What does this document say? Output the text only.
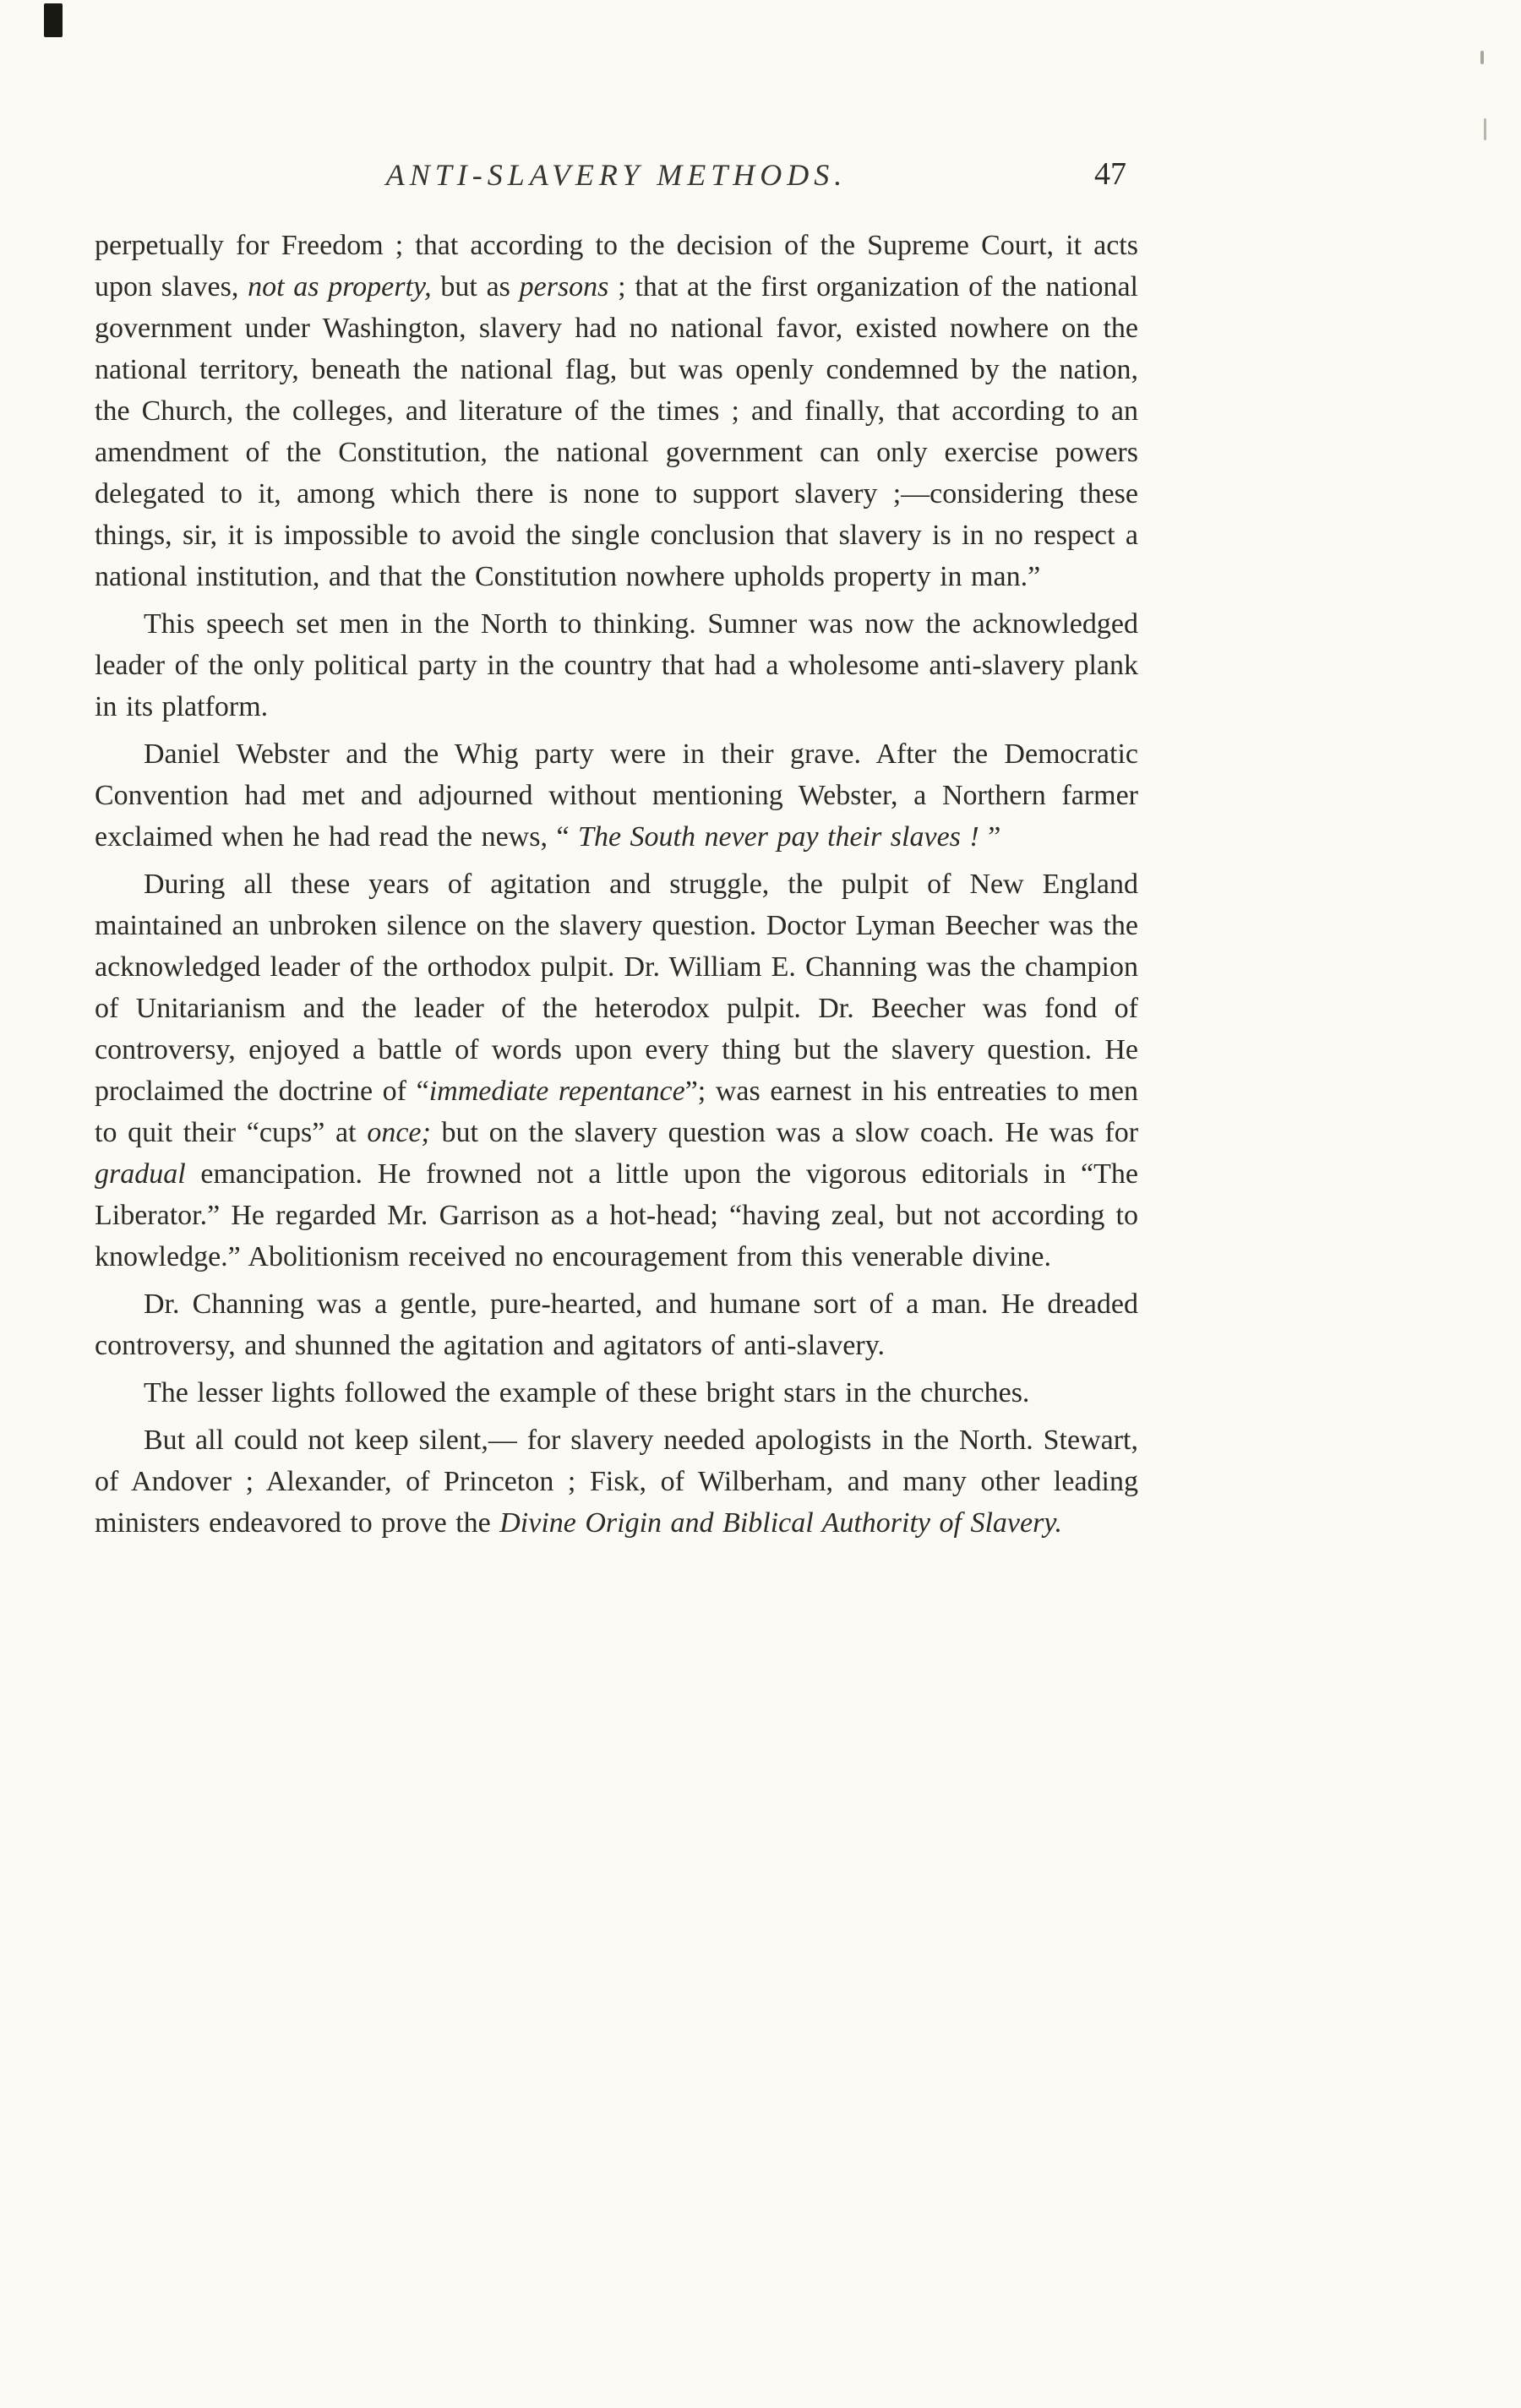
ANTI-SLAVERY METHODS.	47

perpetually for Freedom ; that according to the decision of the Supreme Court, it acts upon slaves, not as property, but as persons ; that at the first organization of the national government under Washington, slavery had no national favor, existed nowhere on the national territory, beneath the national flag, but was openly condemned by the nation, the Church, the colleges, and literature of the times ; and finally, that according to an amendment of the Constitution, the national government can only exercise powers delegated to it, among which there is none to support slavery ;—considering these things, sir, it is impossible to avoid the single conclusion that slavery is in no respect a national institution, and that the Constitution nowhere upholds property in man.”

This speech set men in the North to thinking. Sumner was now the acknowledged leader of the only political party in the country that had a wholesome anti-slavery plank in its platform.

Daniel Webster and the Whig party were in their grave. After the Democratic Convention had met and adjourned without mentioning Webster, a Northern farmer exclaimed when he had read the news, “ The South never pay their slaves ! ”

During all these years of agitation and struggle, the pulpit of New England maintained an unbroken silence on the slavery question. Doctor Lyman Beecher was the acknowledged leader of the orthodox pulpit. Dr. William E. Channing was the champion of Unitarianism and the leader of the heterodox pulpit. Dr. Beecher was fond of controversy, enjoyed a battle of words upon every thing but the slavery question. He proclaimed the doctrine of “immediate repentance”; was earnest in his entreaties to men to quit their “cups” at once; but on the slavery question was a slow coach. He was for gradual emancipation. He frowned not a little upon the vigorous editorials in “The Liberator.” He regarded Mr. Garrison as a hot-head; “having zeal, but not according to knowledge.” Abolitionism received no encouragement from this venerable divine.

Dr. Channing was a gentle, pure-hearted, and humane sort of a man. He dreaded controversy, and shunned the agitation and agitators of anti-slavery.

The lesser lights followed the example of these bright stars in the churches.

But all could not keep silent,— for slavery needed apologists in the North. Stewart, of Andover ; Alexander, of Princeton ; Fisk, of Wilberham, and many other leading ministers endeavored to prove the Divine Origin and Biblical Authority of Slavery.
